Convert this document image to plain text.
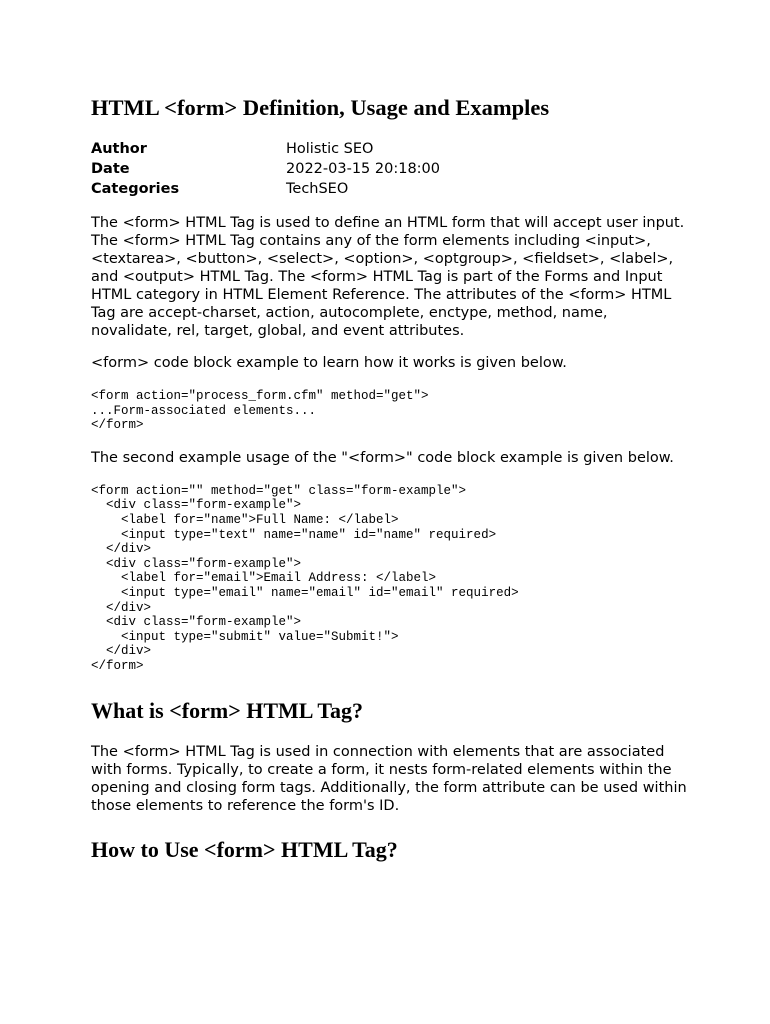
HTML <form> Definition, Usage and Examples
Author	Holistic SEO
Date	2022-03-15 20:18:00
Categories	TechSEO

The <form> HTML Tag is used to define an HTML form that will accept user input. The <form> HTML Tag contains any of the form elements including <input>, <textarea>, <button>, <select>, <option>, <optgroup>, <fieldset>, <label>, and <output> HTML Tag. The <form> HTML Tag is part of the Forms and Input HTML category in HTML Element Reference. The attributes of the <form> HTML Tag are accept-charset, action, autocomplete, enctype, method, name, novalidate, rel, target, global, and event attributes.

<form> code block example to learn how it works is given below.

<form action="process_form.cfm" method="get">
...Form-associated elements...
</form>

The second example usage of the "<form>" code block example is given below.

<form action="" method="get" class="form-example">
<div class="form-example">
<label for="name">Full Name: </label>
<input type="text" name="name" id="name" required>
</div>
<div class="form-example">
<label for="email">Email Address: </label>
<input type="email" name="email" id="email" required>
</div>
<div class="form-example">
<input type="submit" value="Submit!">
</div>
</form>
What is <form> HTML Tag?

The <form> HTML Tag is used in connection with elements that are associated with forms. Typically, to create a form, it nests form-related elements within the opening and closing form tags. Additionally, the form attribute can be used within those elements to reference the form's ID.

How to Use <form> HTML Tag?
